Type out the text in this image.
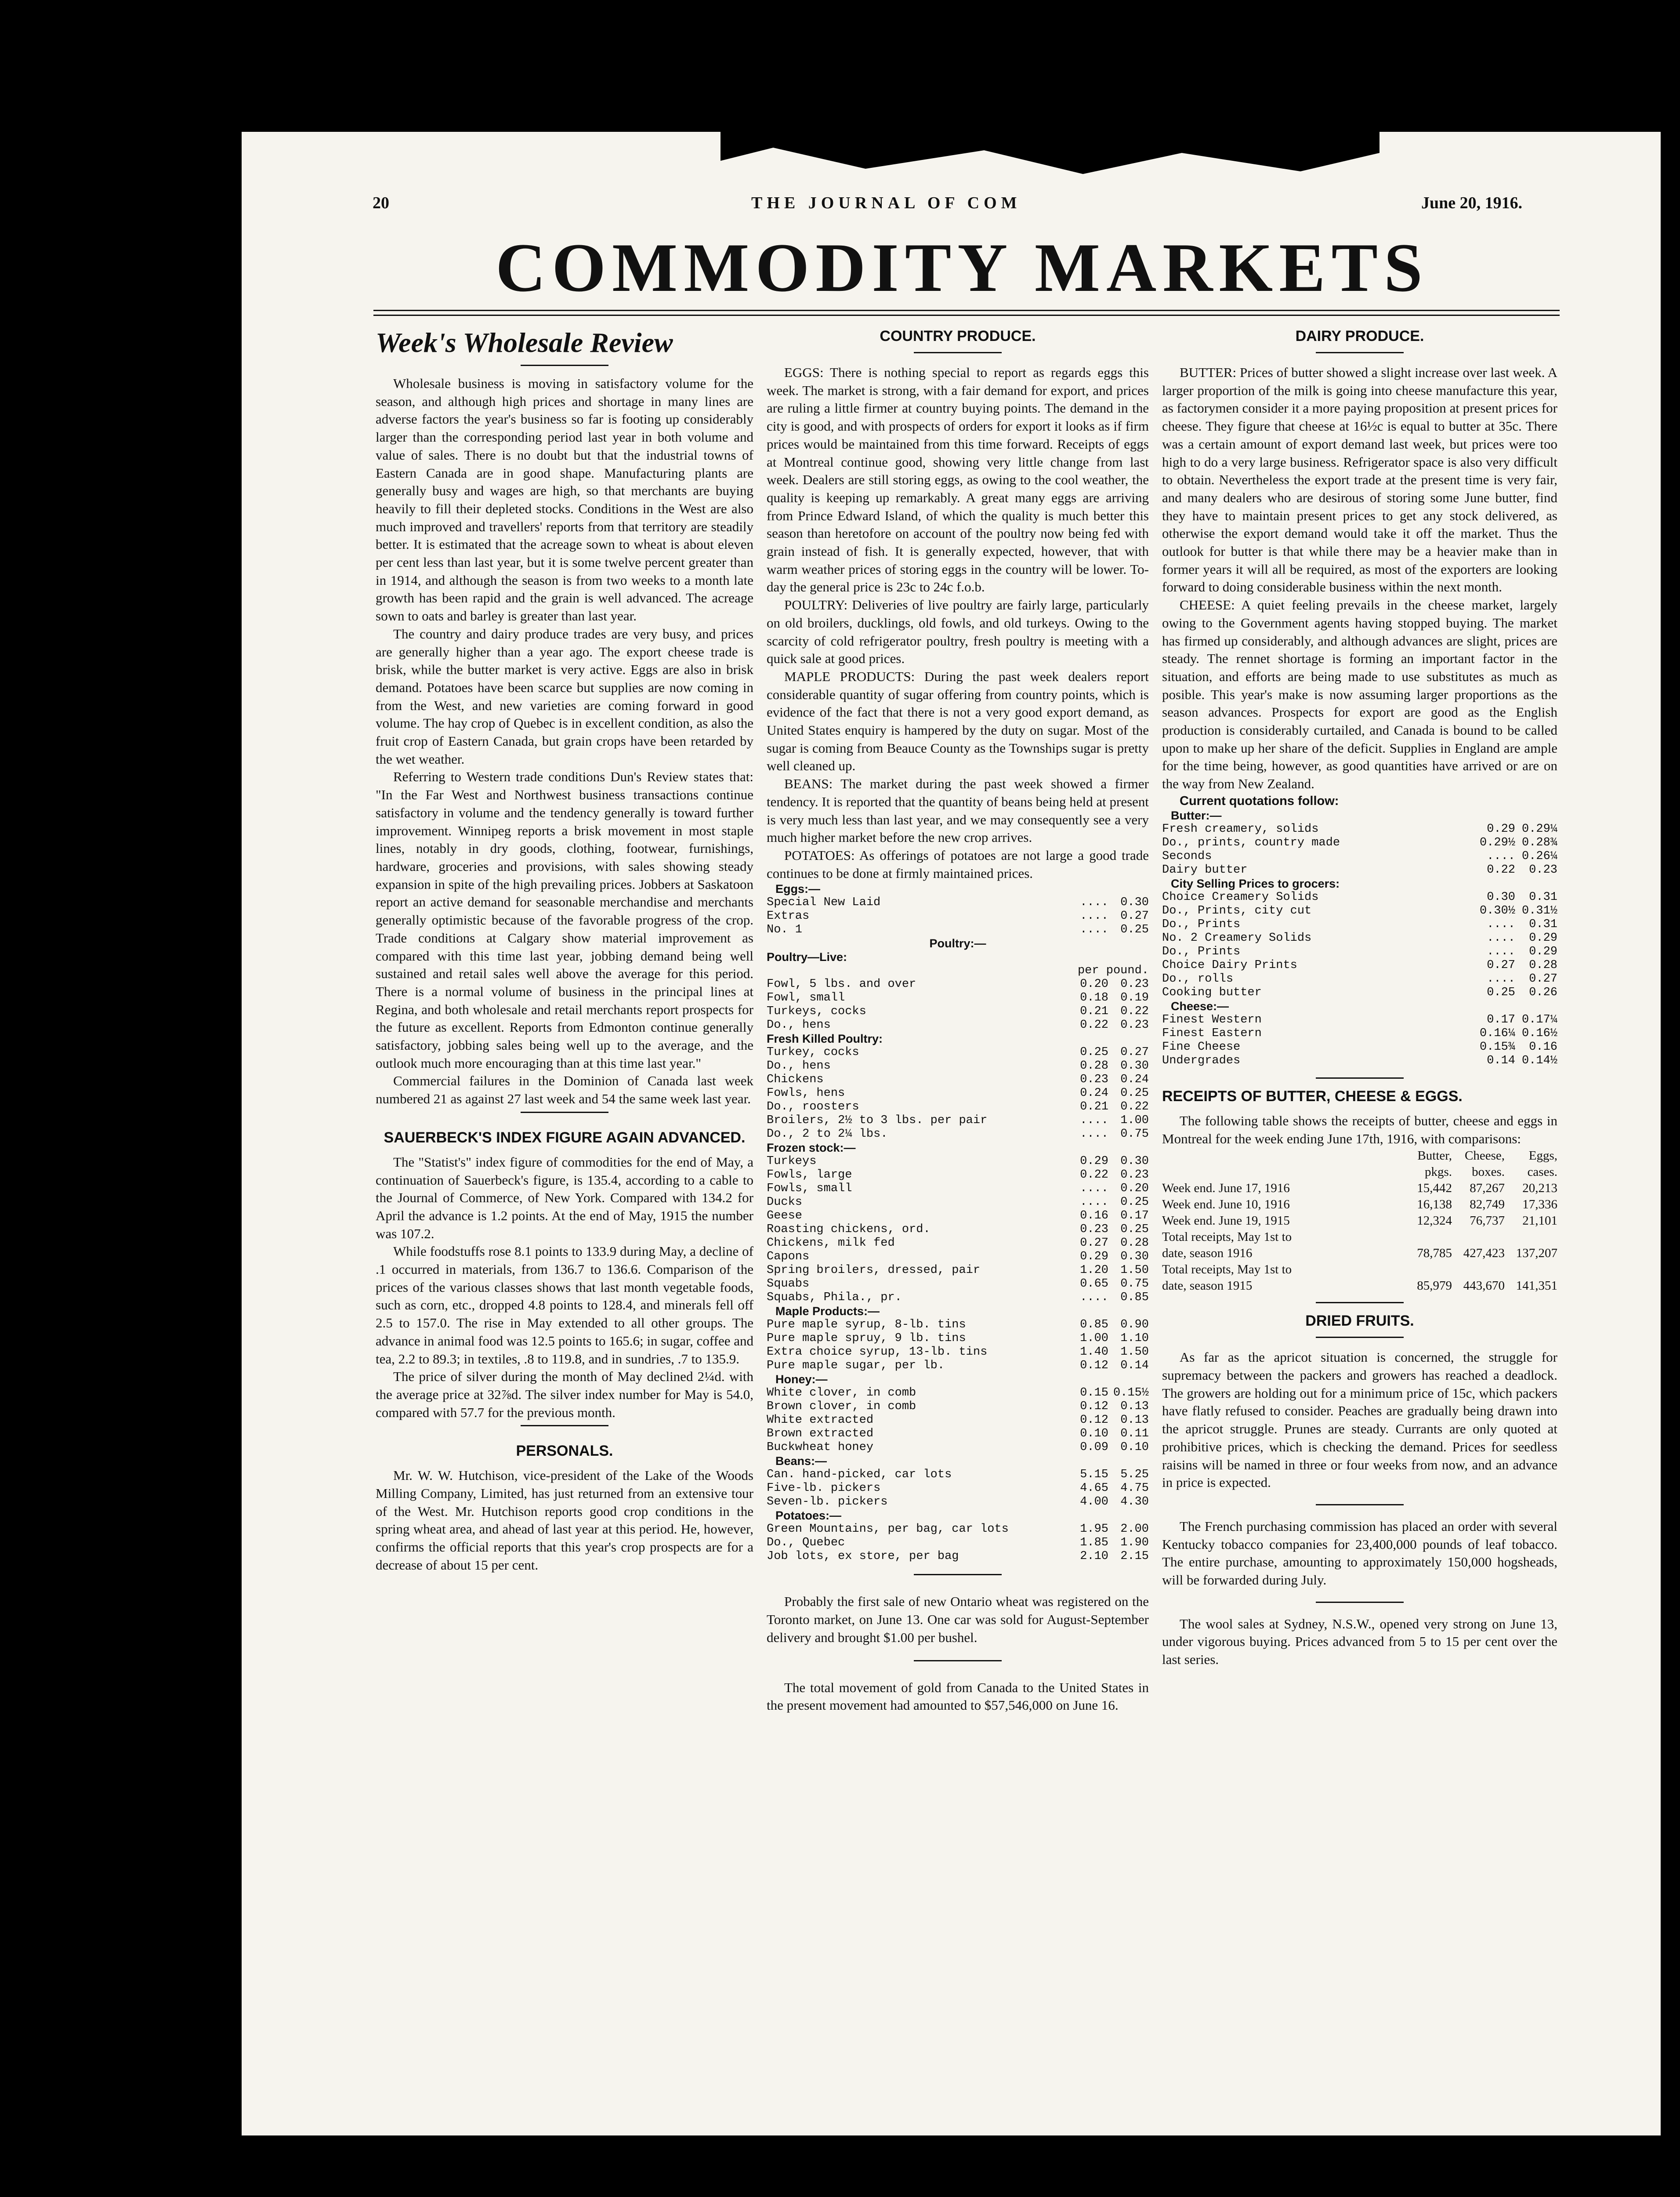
20	THE JOURNAL OF COM	June 20, 1916.
COMMODITY MARKETS
Week's Wholesale Review

Wholesale business is moving in satisfactory volume for the season, and although high prices and shortage in many lines are adverse factors the year's business so far is footing up considerably larger than the corresponding period last year in both volume and value of sales. There is no doubt but that the industrial towns of Eastern Canada are in good shape. Manufacturing plants are generally busy and wages are high, so that merchants are buying heavily to fill their depleted stocks. Conditions in the West are also much improved and travellers' reports from that territory are steadily better. It is estimated that the acreage sown to wheat is about eleven per cent less than last year, but it is some twelve percent greater than in 1914, and although the season is from two weeks to a month late growth has been rapid and the grain is well advanced. The acreage sown to oats and barley is greater than last year.

The country and dairy produce trades are very busy, and prices are generally higher than a year ago. The export cheese trade is brisk, while the butter market is very active. Eggs are also in brisk demand. Potatoes have been scarce but supplies are now coming in from the West, and new varieties are coming forward in good volume. The hay crop of Quebec is in excellent condition, as also the fruit crop of Eastern Canada, but grain crops have been retarded by the wet weather.

Referring to Western trade conditions Dun's Review states that: "In the Far West and Northwest business transactions continue satisfactory in volume and the tendency generally is toward further improvement. Winnipeg reports a brisk movement in most staple lines, notably in dry goods, clothing, footwear, furnishings, hardware, groceries and provisions, with sales showing steady expansion in spite of the high prevailing prices. Jobbers at Saskatoon report an active demand for seasonable merchandise and merchants generally optimistic because of the favorable progress of the crop. Trade conditions at Calgary show material improvement as compared with this time last year, jobbing demand being well sustained and retail sales well above the average for this period. There is a normal volume of business in the principal lines at Regina, and both wholesale and retail merchants report prospects for the future as excellent. Reports from Edmonton continue generally satisfactory, jobbing sales being well up to the average, and the outlook much more encouraging than at this time last year."

Commercial failures in the Dominion of Canada last week numbered 21 as against 27 last week and 54 the same week last year.

SAUERBECK'S INDEX FIGURE AGAIN ADVANCED.

The "Statist's" index figure of commodities for the end of May, a continuation of Sauerbeck's figure, is 135.4, according to a cable to the Journal of Commerce, of New York. Compared with 134.2 for April the advance is 1.2 points. At the end of May, 1915 the number was 107.2.

While foodstuffs rose 8.1 points to 133.9 during May, a decline of .1 occurred in materials, from 136.7 to 136.6. Comparison of the prices of the various classes shows that last month vegetable foods, such as corn, etc., dropped 4.8 points to 128.4, and minerals fell off 2.5 to 157.0. The rise in May extended to all other groups. The advance in animal food was 12.5 points to 165.6; in sugar, coffee and tea, 2.2 to 89.3; in textiles, .8 to 119.8, and in sundries, .7 to 135.9.

The price of silver during the month of May declined 2¼d. with the average price at 32⅞d. The silver index number for May is 54.0, compared with 57.7 for the previous month.

PERSONALS.

Mr. W. W. Hutchison, vice-president of the Lake of the Woods Milling Company, Limited, has just returned from an extensive tour of the West. Mr. Hutchison reports good crop conditions in the spring wheat area, and ahead of last year at this period. He, however, confirms the official reports that this year's crop prospects are for a decrease of about 15 per cent.

COUNTRY PRODUCE.

EGGS: There is nothing special to report as regards eggs this week. The market is strong, with a fair demand for export, and prices are ruling a little firmer at country buying points. The demand in the city is good, and with prospects of orders for export it looks as if firm prices would be maintained from this time forward. Receipts of eggs at Montreal continue good, showing very little change from last week. Dealers are still storing eggs, as owing to the cool weather, the quality is keeping up remarkably. A great many eggs are arriving from Prince Edward Island, of which the quality is much better this season than heretofore on account of the poultry now being fed with grain instead of fish. It is generally expected, however, that with warm weather prices of storing eggs in the country will be lower. To-day the general price is 23c to 24c f.o.b.

POULTRY: Deliveries of live poultry are fairly large, particularly on old broilers, ducklings, old fowls, and old turkeys. Owing to the scarcity of cold refrigerator poultry, fresh poultry is meeting with a quick sale at good prices.

MAPLE PRODUCTS: During the past week dealers report considerable quantity of sugar offering from country points, which is evidence of the fact that there is not a very good export demand, as United States enquiry is hampered by the duty on sugar. Most of the sugar is coming from Beauce County as the Townships sugar is pretty well cleaned up.

BEANS: The market during the past week showed a firmer tendency. It is reported that the quantity of beans being held at present is very much less than last year, and we may consequently see a very much higher market before the new crop arrives.

POTATOES: As offerings of potatoes are not large a good trade continues to be done at firmly maintained prices.

Eggs:—
Special New Laid	....	0.30
Extras	....	0.27
No. 1	....	0.25
Poultry:—
Poultry—Live:
per pound.
Fowl, 5 lbs. and over	0.20	0.23
Fowl, small	0.18	0.19
Turkeys, cocks	0.21	0.22
Do., hens	0.22	0.23
Fresh Killed Poultry:
Turkey, cocks	0.25	0.27
Do., hens	0.28	0.30
Chickens	0.23	0.24
Fowls, hens	0.24	0.25
Do., roosters	0.21	0.22
Broilers, 2½ to 3 lbs. per pair	....	1.00
Do., 2 to 2¼ lbs.	....	0.75
Frozen stock:—
Turkeys	0.29	0.30
Fowls, large	0.22	0.23
Fowls, small	....	0.20
Ducks	....	0.25
Geese	0.16	0.17
Roasting chickens, ord.	0.23	0.25
Chickens, milk fed	0.27	0.28
Capons	0.29	0.30
Spring broilers, dressed, pair	1.20	1.50
Squabs	0.65	0.75
Squabs, Phila., pr.	....	0.85
Maple Products:—
Pure maple syrup, 8-lb. tins	0.85	0.90
Pure maple spruy, 9 lb. tins	1.00	1.10
Extra choice syrup, 13-lb. tins	1.40	1.50
Pure maple sugar, per lb.	0.12	0.14
Honey:—
White clover, in comb	0.15 0.15½
Brown clover, in comb	0.12	0.13
White extracted	0.12	0.13
Brown extracted	0.10	0.11
Buckwheat honey	0.09	0.10
Beans:—
Can. hand-picked, car lots	5.15	5.25
Five-lb. pickers	4.65	4.75
Seven-lb. pickers	4.00	4.30
Potatoes:—
Green Mountains, per bag, car lots	1.95	2.00
Do., Quebec	1.85	1.90
Job lots, ex store, per bag	2.10	2.15

Probably the first sale of new Ontario wheat was registered on the Toronto market, on June 13. One car was sold for August-September delivery and brought $1.00 per bushel.

The total movement of gold from Canada to the United States in the present movement had amounted to $57,546,000 on June 16.

DAIRY PRODUCE.

BUTTER: Prices of butter showed a slight increase over last week. A larger proportion of the milk is going into cheese manufacture this year, as factorymen consider it a more paying proposition at present prices for cheese. They figure that cheese at 16½c is equal to butter at 35c. There was a certain amount of export demand last week, but prices were too high to do a very large business. Refrigerator space is also very difficult to obtain. Nevertheless the export trade at the present time is very fair, and many dealers who are desirous of storing some June butter, find they have to maintain present prices to get any stock delivered, as otherwise the export demand would take it off the market. Thus the outlook for butter is that while there may be a heavier make than in former years it will all be required, as most of the exporters are looking forward to doing considerable business within the next month.

CHEESE: A quiet feeling prevails in the cheese market, largely owing to the Government agents having stopped buying. The market has firmed up considerably, and although advances are slight, prices are steady. The rennet shortage is forming an important factor in the situation, and efforts are being made to use substitutes as much as posible. This year's make is now assuming larger proportions as the season advances. Prospects for export are good as the English production is considerably curtailed, and Canada is bound to be called upon to make up her share of the deficit. Supplies in England are ample for the time being, however, as good quantities have arrived or are on the way from New Zealand.

Current quotations follow:
Butter:—
Fresh creamery, solids	0.29 0.29¼
Do., prints, country made	0.29½ 0.28¾
Seconds	.... 0.26¼
Dairy butter	0.22	0.23
City Selling Prices to grocers:
Choice Creamery Solids	0.30	0.31
Do., Prints, city cut	0.30½ 0.31½
Do., Prints	....	0.31
No. 2 Creamery Solids	....	0.29
Do., Prints	....	0.29
Choice Dairy Prints	0.27	0.28
Do., rolls	....	0.27
Cooking butter	0.25	0.26
Cheese:—
Finest Western	0.17 0.17¼
Finest Eastern	0.16¼ 0.16½
Fine Cheese	0.15¾	0.16
Undergrades	0.14 0.14½
RECEIPTS OF BUTTER, CHEESE & EGGS.

The following table shows the receipts of butter, cheese and eggs in Montreal for the week ending June 17th, 1916, with comparisons:

Butter,	Cheese,	Eggs,
pkgs.	boxes.	cases.
Week end. June 17, 1916	15,442	87,267	20,213
Week end. June 10, 1916	16,138	82,749	17,336
Week end. June 19, 1915	12,324	76,737	21,101
Total receipts, May 1st to
date, season 1916	78,785 427,423 137,207
Total receipts, May 1st to
date, season 1915	85,979 443,670 141,351
DRIED FRUITS.

As far as the apricot situation is concerned, the struggle for supremacy between the packers and growers has reached a deadlock. The growers are holding out for a minimum price of 15c, which packers have flatly refused to consider. Peaches are gradually being drawn into the apricot struggle. Prunes are steady. Currants are only quoted at prohibitive prices, which is checking the demand. Prices for seedless raisins will be named in three or four weeks from now, and an advance in price is expected.

The French purchasing commission has placed an order with several Kentucky tobacco companies for 23,400,000 pounds of leaf tobacco. The entire purchase, amounting to approximately 150,000 hogsheads, will be forwarded during July.

The wool sales at Sydney, N.S.W., opened very strong on June 13, under vigorous buying. Prices advanced from 5 to 15 per cent over the last series.
